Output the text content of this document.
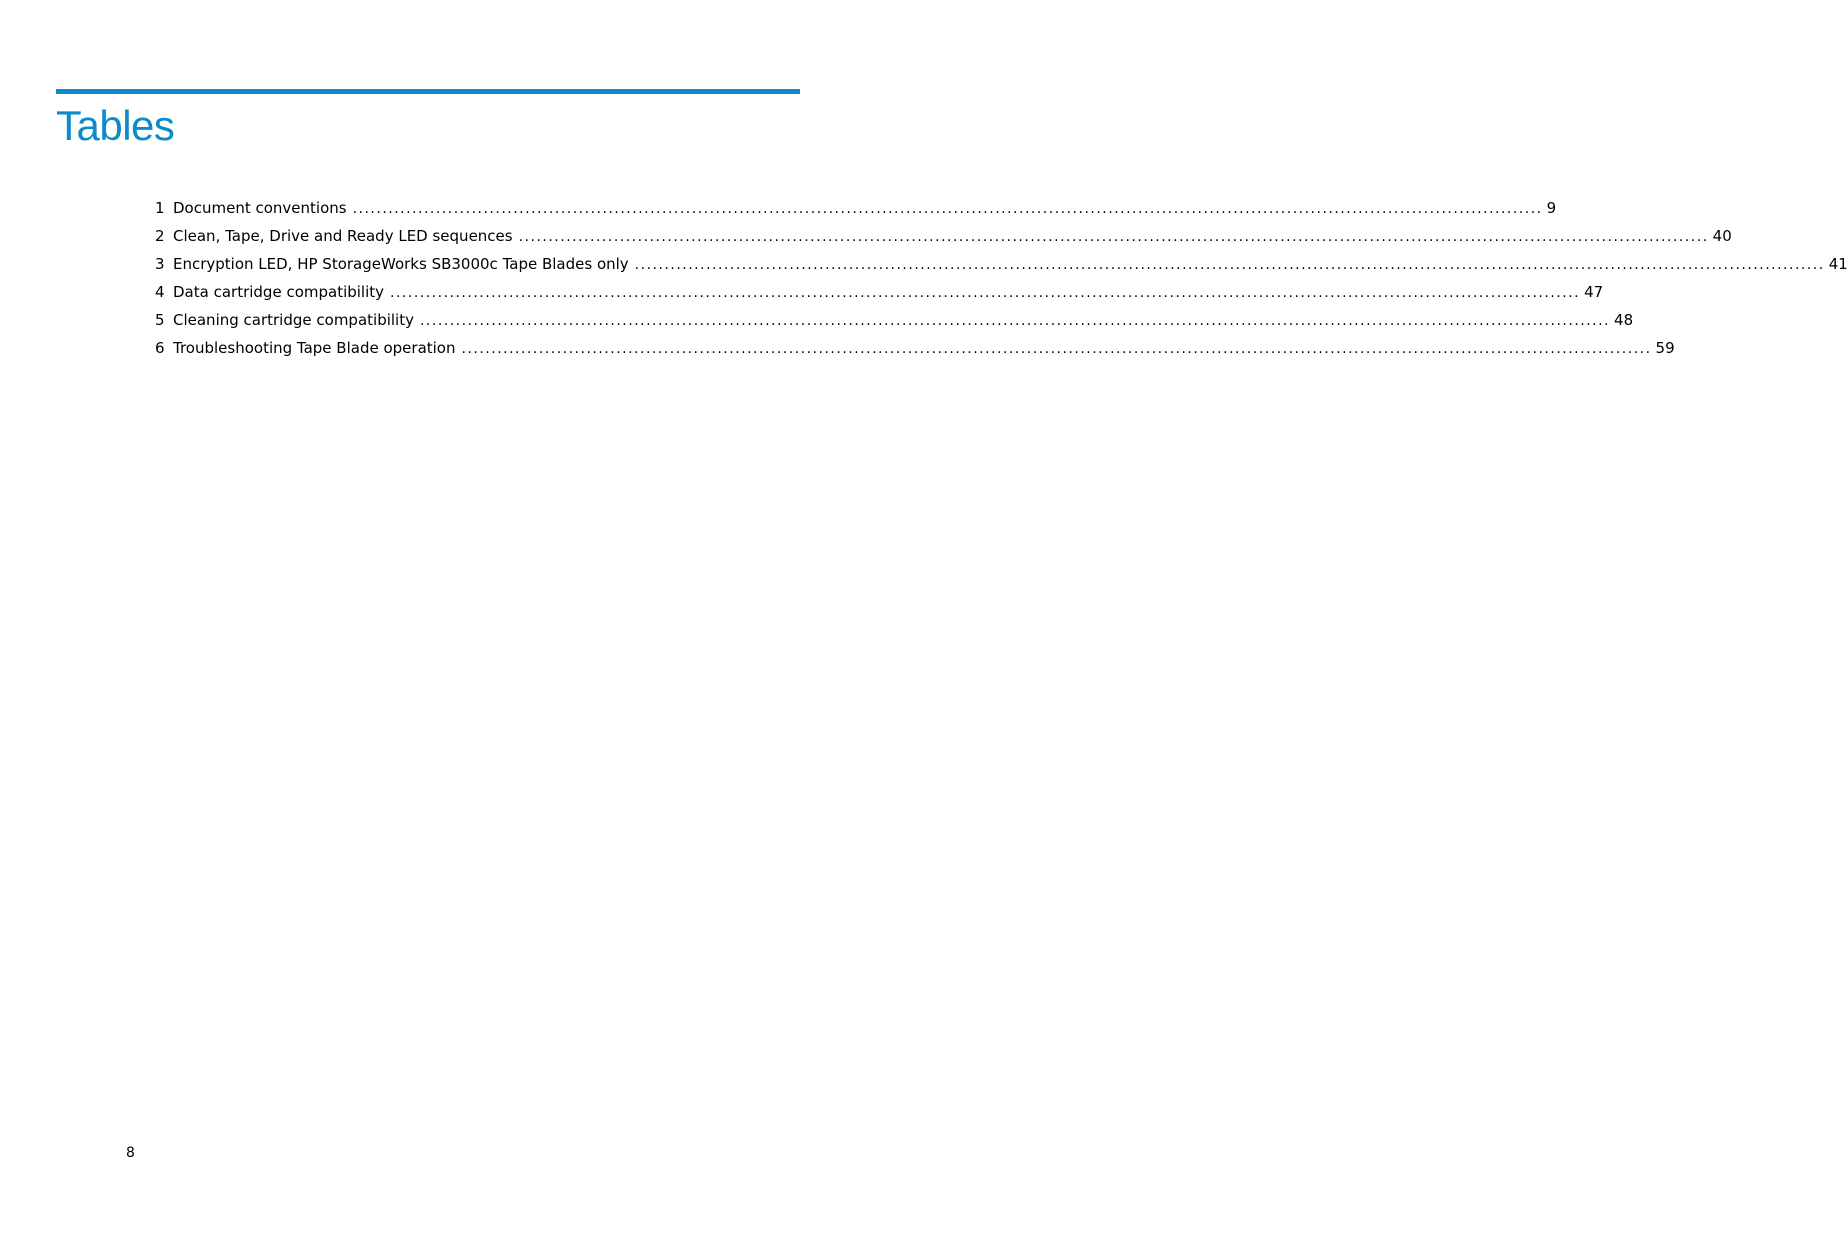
Tables
1 Document conventions ........................................................................................................................................................................................................ 9
2 Clean, Tape, Drive and Ready LED sequences ........................................................................................................................................................................................................ 40
3 Encryption LED, HP StorageWorks SB3000c Tape Blades only ........................................................................................................................................................................................................ 41
4 Data cartridge compatibility ........................................................................................................................................................................................................ 47
5 Cleaning cartridge compatibility ........................................................................................................................................................................................................ 48
6 Troubleshooting Tape Blade operation ........................................................................................................................................................................................................ 59
8
